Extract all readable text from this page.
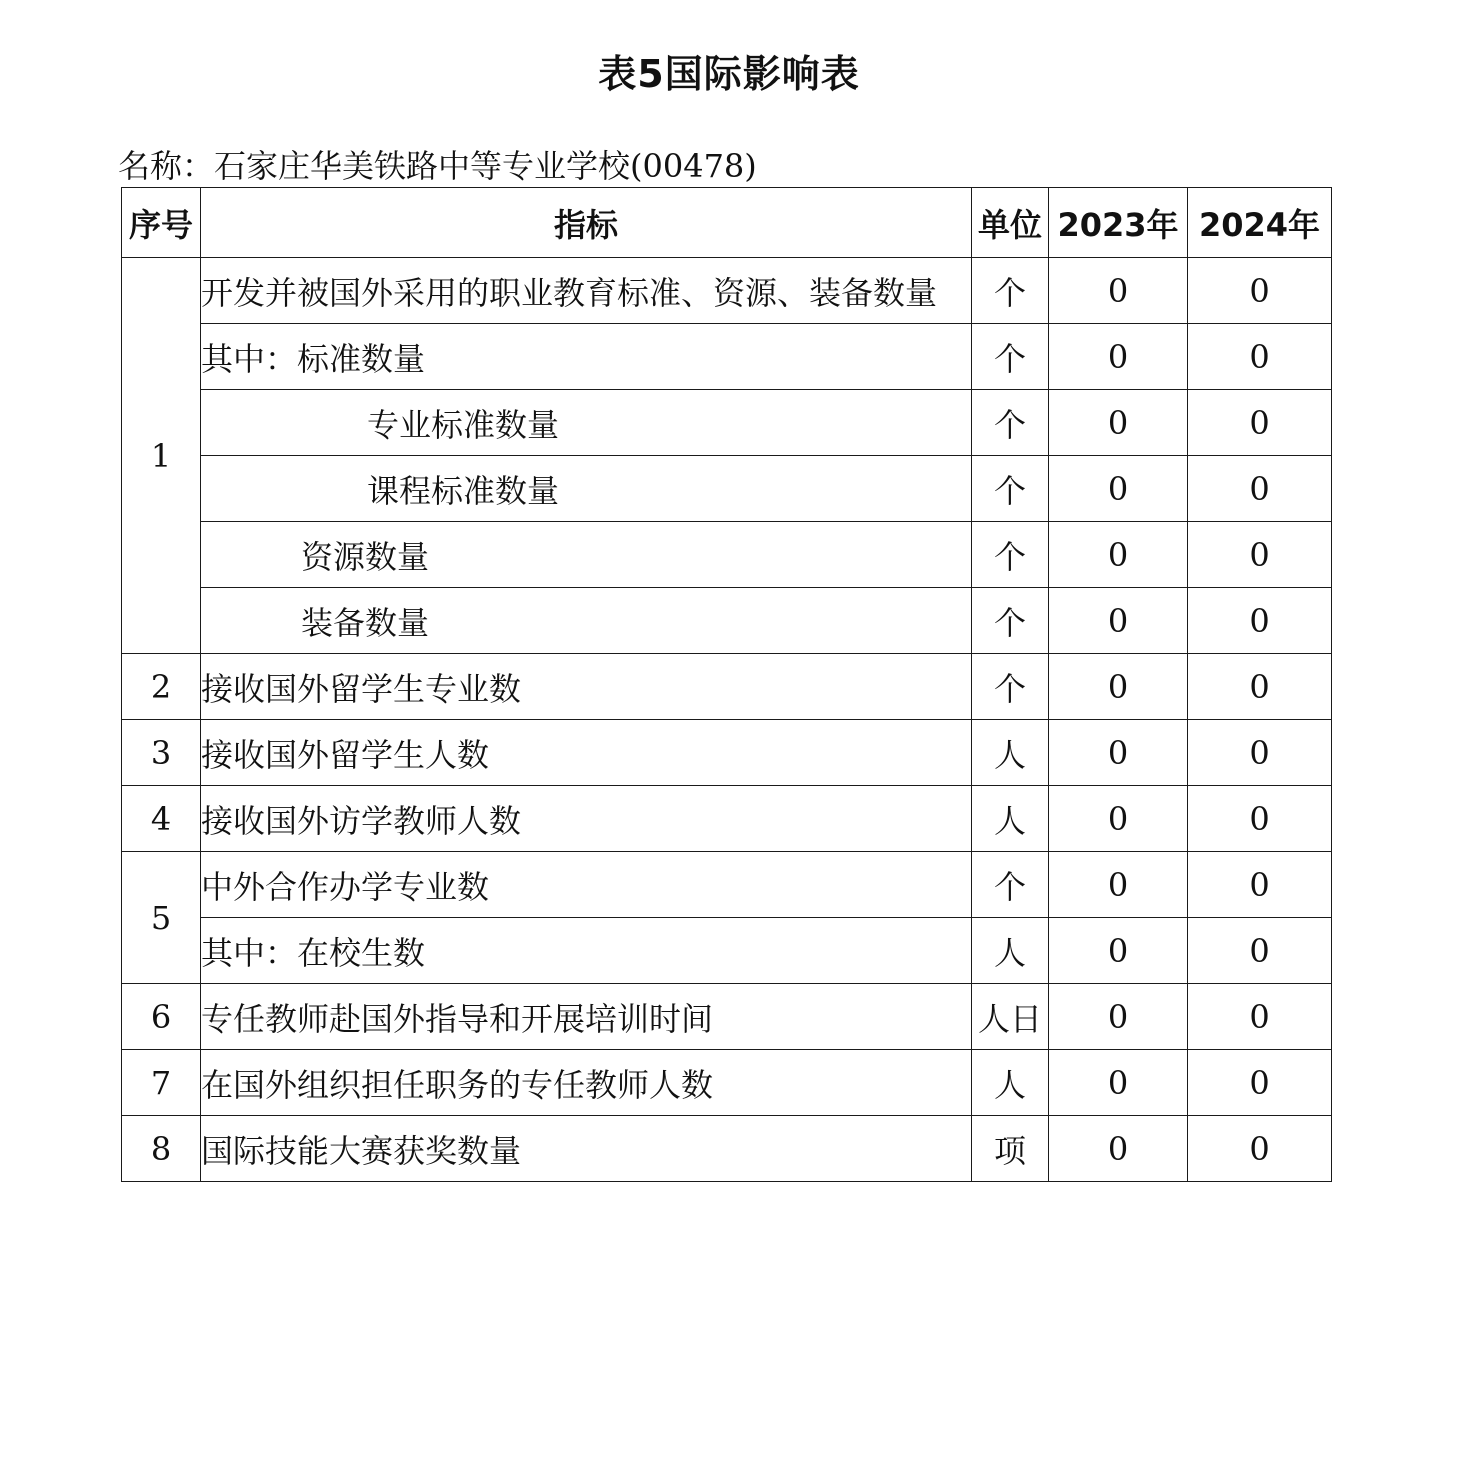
表5国际影响表
名称：石家庄华美铁路中等专业学校(00478)
序号	指标	单位	2023年	2024年
1	开发并被国外采用的职业教育标准、资源、装备数量	个	0	0
	其中：标准数量	个	0	0
	专业标准数量	个	0	0
	课程标准数量	个	0	0
	资源数量	个	0	0
	装备数量	个	0	0
2	接收国外留学生专业数	个	0	0
3	接收国外留学生人数	人	0	0
4	接收国外访学教师人数	人	0	0
5	中外合作办学专业数	个	0	0
	其中：在校生数	人	0	0
6	专任教师赴国外指导和开展培训时间	人日	0	0
7	在国外组织担任职务的专任教师人数	人	0	0
8	国际技能大赛获奖数量	项	0	0
